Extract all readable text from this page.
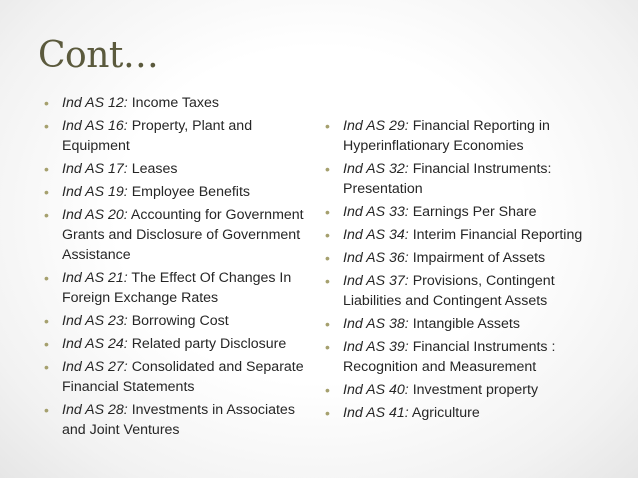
Cont…
• Ind AS 12: Income Taxes
• Ind AS 16: Property, Plant and Equipment
• Ind AS 17: Leases
• Ind AS 19: Employee Benefits
• Ind AS 20: Accounting for Government Grants and Disclosure of Government Assistance
• Ind AS 21: The Effect Of Changes In Foreign Exchange Rates
• Ind AS 23: Borrowing Cost
• Ind AS 24: Related party Disclosure
• Ind AS 27: Consolidated and Separate Financial Statements
• Ind AS 28: Investments in Associates and Joint Ventures
• Ind AS 29: Financial Reporting in Hyperinflationary Economies
• Ind AS 32: Financial Instruments: Presentation
• Ind AS 33: Earnings Per Share
• Ind AS 34: Interim Financial Reporting
• Ind AS 36: Impairment of Assets
• Ind AS 37: Provisions, Contingent Liabilities and Contingent Assets
• Ind AS 38: Intangible Assets
• Ind AS 39: Financial Instruments : Recognition and Measurement
• Ind AS 40: Investment property
• Ind AS 41: Agriculture
